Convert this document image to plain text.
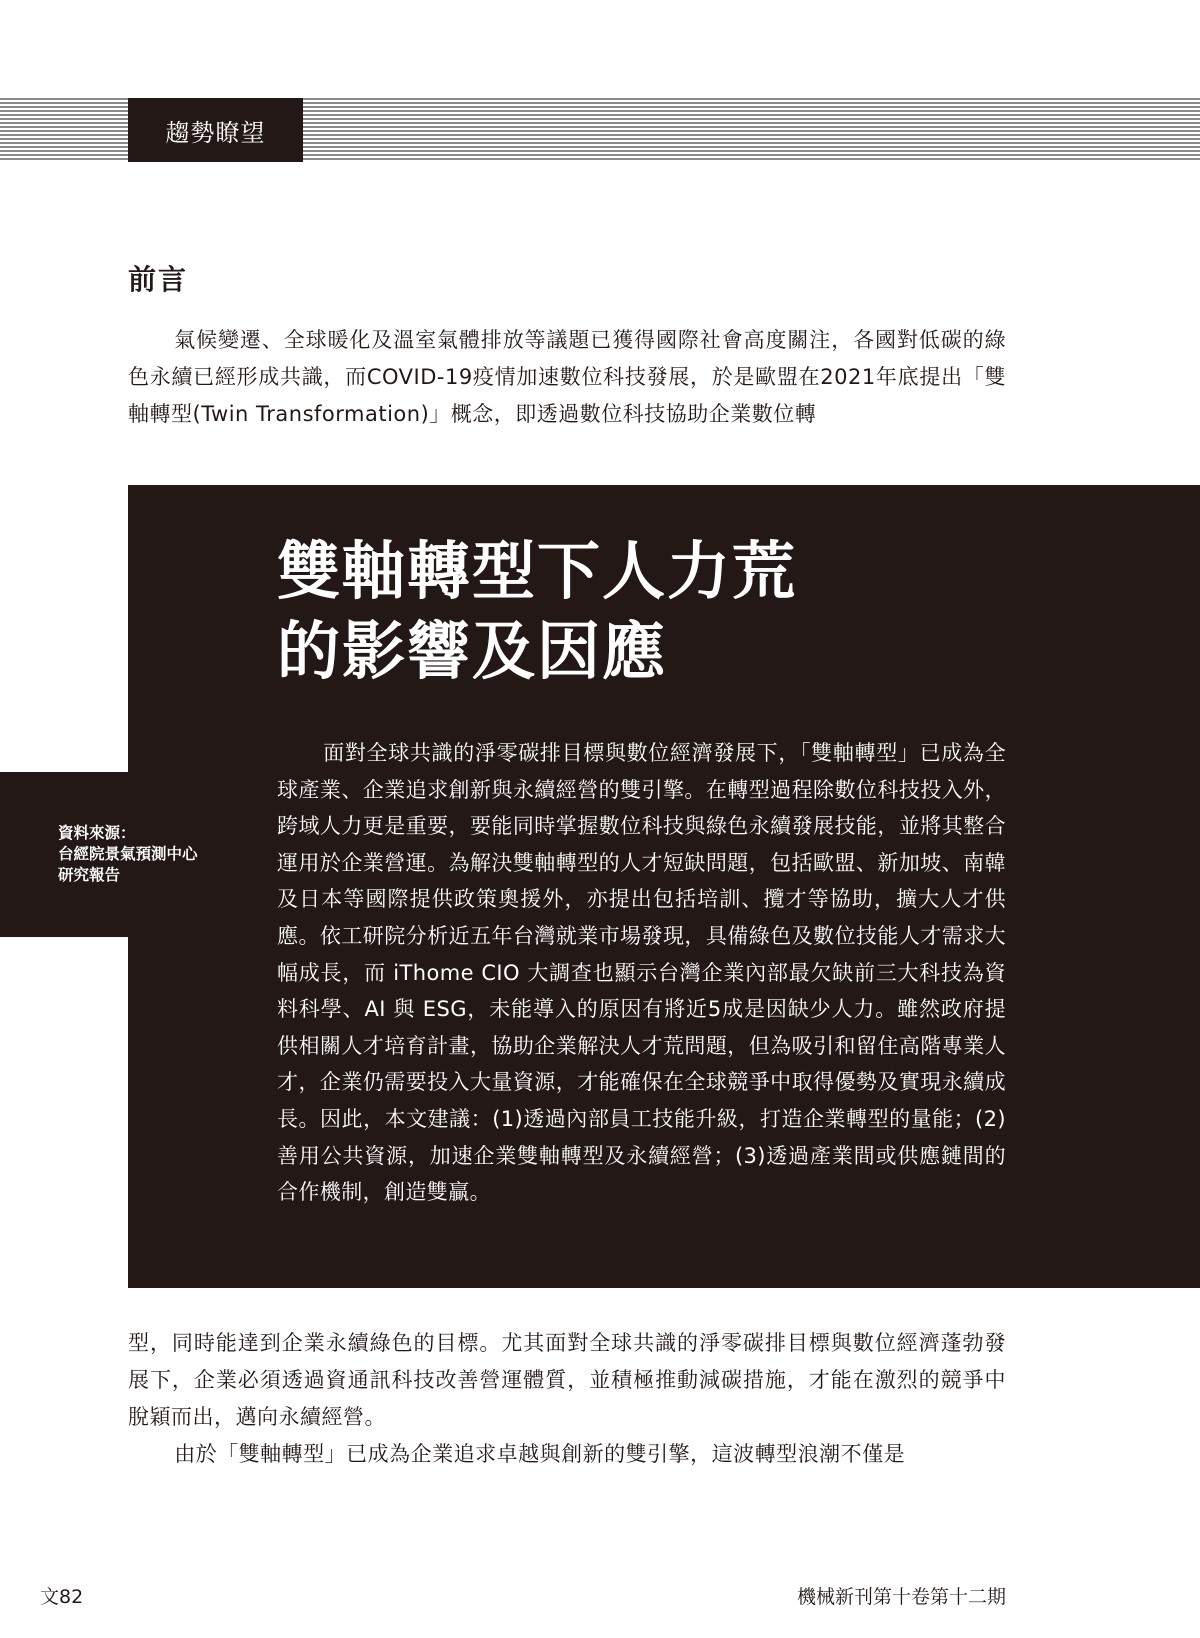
趨勢瞭望
前言

氣候變遷、全球暖化及溫室氣體排放等議題已獲得國際社會高度關注，各國對低碳的綠色永續已經形成共識，而COVID-19疫情加速數位科技發展，於是歐盟在2021年底提出「雙軸轉型(Twin Transformation)」概念，即透過數位科技協助企業數位轉

資料來源：
台經院景氣預測中心
研究報告
雙軸轉型下人力荒
的影響及因應

面對全球共識的淨零碳排目標與數位經濟發展下，「雙軸轉型」已成為全球產業、企業追求創新與永續經營的雙引擎。在轉型過程除數位科技投入外，跨域人力更是重要，要能同時掌握數位科技與綠色永續發展技能，並將其整合運用於企業營運。為解決雙軸轉型的人才短缺問題，包括歐盟、新加坡、南韓及日本等國際提供政策奧援外，亦提出包括培訓、攬才等協助，擴大人才供應。依工研院分析近五年台灣就業市場發現，具備綠色及數位技能人才需求大幅成長，而 iThome CIO 大調查也顯示台灣企業內部最欠缺前三大科技為資料科學、AI 與 ESG，未能導入的原因有將近5成是因缺少人力。雖然政府提供相關人才培育計畫，協助企業解決人才荒問題，但為吸引和留住高階專業人才，企業仍需要投入大量資源，才能確保在全球競爭中取得優勢及實現永續成長。因此，本文建議：(1)透過內部員工技能升級，打造企業轉型的量能；(2)善用公共資源，加速企業雙軸轉型及永續經營；(3)透過產業間或供應鏈間的合作機制，創造雙贏。

型，同時能達到企業永續綠色的目標。尤其面對全球共識的淨零碳排目標與數位經濟蓬勃發展下，企業必須透過資通訊科技改善營運體質，並積極推動減碳措施，才能在激烈的競爭中脫穎而出，邁向永續經營。

由於「雙軸轉型」已成為企業追求卓越與創新的雙引擎，這波轉型浪潮不僅是

文82	機械新刊第十卷第十二期
